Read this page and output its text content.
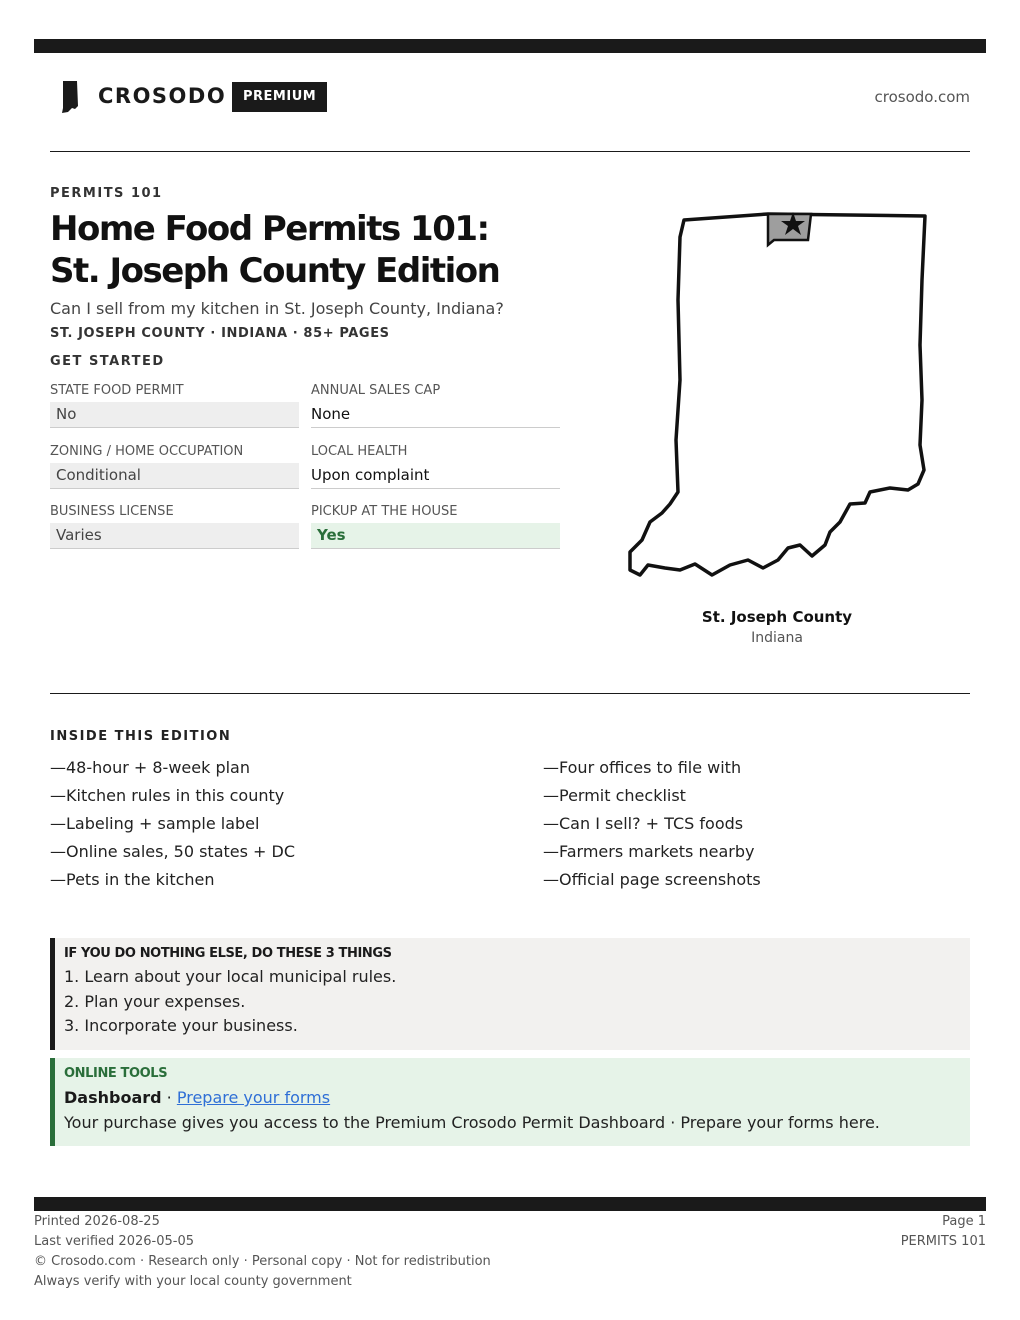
CROSODO	PREMIUM	crosodo.com
PERMITS 101
Home Food Permits 101: St. Joseph County Edition
Can I sell from my kitchen in St. Joseph County, Indiana?
ST. JOSEPH COUNTY · INDIANA · 85+ PAGES
GET STARTED
STATE FOOD PERMIT
No
ANNUAL SALES CAP
None
ZONING / HOME OCCUPATION
Conditional
LOCAL HEALTH
Upon complaint
BUSINESS LICENSE
Varies
PICKUP AT THE HOUSE
Yes
St. Joseph County
Indiana
INSIDE THIS EDITION
—48-hour + 8-week plan
—Kitchen rules in this county
—Labeling + sample label
—Online sales, 50 states + DC
—Pets in the kitchen
—Four offices to file with
—Permit checklist
—Can I sell? + TCS foods
—Farmers markets nearby
—Official page screenshots
IF YOU DO NOTHING ELSE, DO THESE 3 THINGS
1. Learn about your local municipal rules.
2. Plan your expenses.
3. Incorporate your business.
ONLINE TOOLS
Dashboard · Prepare your forms
Your purchase gives you access to the Premium Crosodo Permit Dashboard · Prepare your forms here.
Printed 2026-08-25
Last verified 2026-05-05
© Crosodo.com · Research only · Personal copy · Not for redistribution
Always verify with your local county government
Page 1
PERMITS 101
